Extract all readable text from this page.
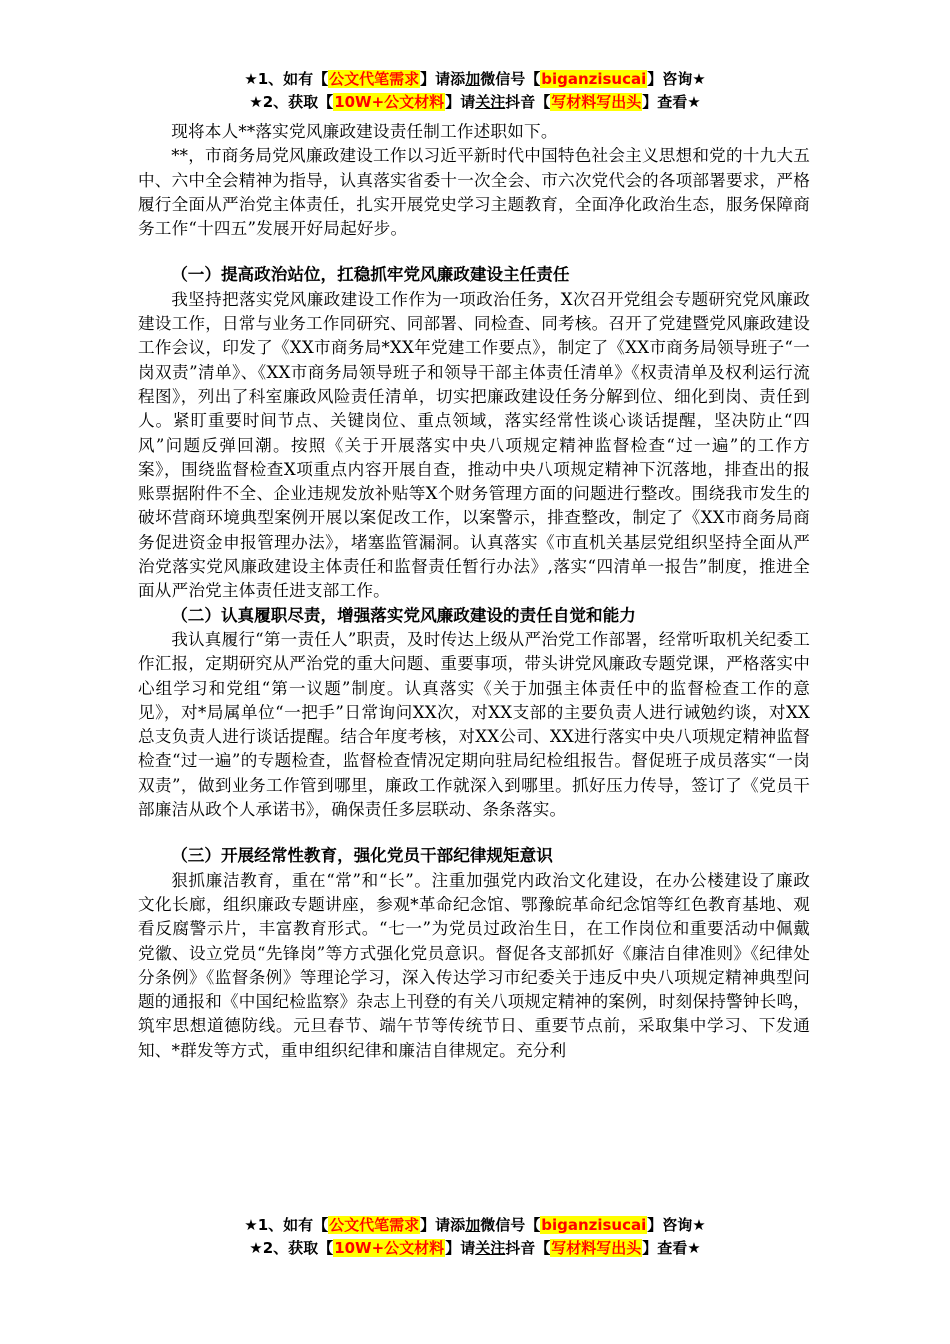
★1、如有【公文代笔需求】请添加微信号【biganzisucai】咨询★
★2、获取【10W+公文材料】请关注抖音【写材料写出头】查看★

现将本人**落实党风廉政建设责任制工作述职如下。

**，市商务局党风廉政建设工作以习近平新时代中国特色社会主义思想和党的十九大五中、六中全会精神为指导，认真落实省委十一次全会、市六次党代会的各项部署要求，严格履行全面从严治党主体责任，扎实开展党史学习主题教育，全面净化政治生态，服务保障商务工作“十四五”发展开好局起好步。

（一）提高政治站位，扛稳抓牢党风廉政建设主任责任

我坚持把落实党风廉政建设工作作为一项政治任务，X次召开党组会专题研究党风廉政建设工作，日常与业务工作同研究、同部署、同检查、同考核。召开了党建暨党风廉政建设工作会议，印发了《XX市商务局*XX年党建工作要点》，制定了《XX市商务局领导班子“一岗双责”清单》、《XX市商务局领导班子和领导干部主体责任清单》《权责清单及权利运行流程图》，列出了科室廉政风险责任清单，切实把廉政建设任务分解到位、细化到岗、责任到人。紧盯重要时间节点、关键岗位、重点领域，落实经常性谈心谈话提醒，坚决防止“四风”问题反弹回潮。按照《关于开展落实中央八项规定精神监督检查“过一遍”的工作方案》，围绕监督检查X项重点内容开展自查，推动中央八项规定精神下沉落地，排查出的报账票据附件不全、企业违规发放补贴等X个财务管理方面的问题进行整改。围绕我市发生的破坏营商环境典型案例开展以案促改工作，以案警示，排查整改，制定了《XX市商务局商务促进资金申报管理办法》，堵塞监管漏洞。认真落实《市直机关基层党组织坚持全面从严治党落实党风廉政建设主体责任和监督责任暂行办法》,落实“四清单一报告”制度，推进全面从严治党主体责任进支部工作。

（二）认真履职尽责，增强落实党风廉政建设的责任自觉和能力

我认真履行“第一责任人”职责，及时传达上级从严治党工作部署，经常听取机关纪委工作汇报，定期研究从严治党的重大问题、重要事项，带头讲党风廉政专题党课，严格落实中心组学习和党组“第一议题”制度。认真落实《关于加强主体责任中的监督检查工作的意见》，对*局属单位“一把手”日常询问XX次，对XX支部的主要负责人进行诫勉约谈，对XX总支负责人进行谈话提醒。结合年度考核，对XX公司、XX进行落实中央八项规定精神监督检查“过一遍”的专题检查，监督检查情况定期向驻局纪检组报告。督促班子成员落实“一岗双责”，做到业务工作管到哪里，廉政工作就深入到哪里。抓好压力传导，签订了《党员干部廉洁从政个人承诺书》，确保责任多层联动、条条落实。

（三）开展经常性教育，强化党员干部纪律规矩意识

狠抓廉洁教育，重在“常”和“长”。注重加强党内政治文化建设，在办公楼建设了廉政文化长廊，组织廉政专题讲座，参观*革命纪念馆、鄂豫皖革命纪念馆等红色教育基地、观看反腐警示片，丰富教育形式。“七一”为党员过政治生日，在工作岗位和重要活动中佩戴党徽、设立党员“先锋岗”等方式强化党员意识。督促各支部抓好《廉洁自律准则》《纪律处分条例》《监督条例》等理论学习，深入传达学习市纪委关于违反中央八项规定精神典型问题的通报和《中国纪检监察》杂志上刊登的有关八项规定精神的案例，时刻保持警钟长鸣，筑牢思想道德防线。元旦春节、端午节等传统节日、重要节点前，采取集中学习、下发通知、*群发等方式，重申组织纪律和廉洁自律规定。充分利

★1、如有【公文代笔需求】请添加微信号【biganzisucai】咨询★
★2、获取【10W+公文材料】请关注抖音【写材料写出头】查看★
